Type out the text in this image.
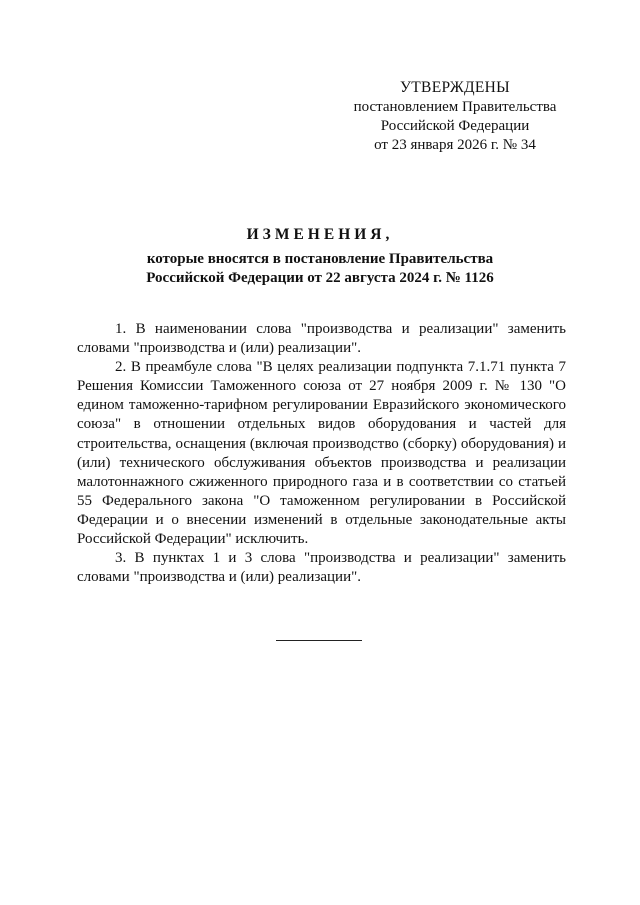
УТВЕРЖДЕНЫ
постановлением Правительства
Российской Федерации
от 23 января 2026 г. № 34
ИЗМЕНЕНИЯ,
которые вносятся в постановление Правительства
Российской Федерации от 22 августа 2024 г. № 1126

1. В наименовании слова "производства и реализации" заменить словами "производства и (или) реализации".

2. В преамбуле слова "В целях реализации подпункта 7.1.71 пункта 7 Решения Комиссии Таможенного союза от 27 ноября 2009 г. № 130 "О едином таможенно-тарифном регулировании Евразийского экономического союза" в отношении отдельных видов оборудования и частей для строительства, оснащения (включая производство (сборку) оборудования) и (или) технического обслуживания объектов производства и реализации малотоннажного сжиженного природного газа и в соответствии со статьей 55 Федерального закона "О таможенном регулировании в Российской Федерации и о внесении изменений в отдельные законодательные акты Российской Федерации" исключить.

3. В пунктах 1 и 3 слова "производства и реализации" заменить словами "производства и (или) реализации".
